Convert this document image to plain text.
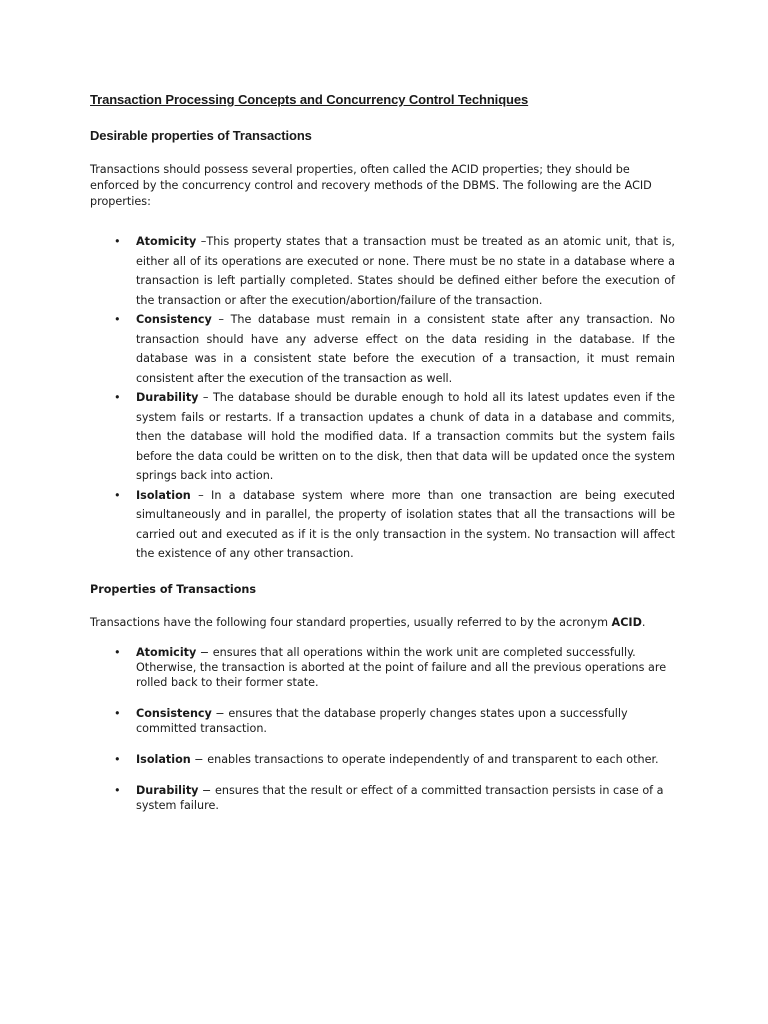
Transaction Processing Concepts and Concurrency Control Techniques
Desirable properties of Transactions

Transactions should possess several properties, often called the ACID properties; they should be enforced by the concurrency control and recovery methods of the DBMS. The following are the ACID properties:

• Atomicity –This property states that a transaction must be treated as an atomic unit, that is, either all of its operations are executed or none. There must be no state in a database where a transaction is left partially completed. States should be defined either before the execution of the transaction or after the execution/abortion/failure of the transaction.
• Consistency – The database must remain in a consistent state after any transaction. No transaction should have any adverse effect on the data residing in the database. If the database was in a consistent state before the execution of a transaction, it must remain consistent after the execution of the transaction as well.
• Durability – The database should be durable enough to hold all its latest updates even if the system fails or restarts. If a transaction updates a chunk of data in a database and commits, then the database will hold the modified data. If a transaction commits but the system fails before the data could be written on to the disk, then that data will be updated once the system springs back into action.
• Isolation – In a database system where more than one transaction are being executed simultaneously and in parallel, the property of isolation states that all the transactions will be carried out and executed as if it is the only transaction in the system. No transaction will affect the existence of any other transaction.
Properties of Transactions

Transactions have the following four standard properties, usually referred to by the acronym ACID.

• Atomicity − ensures that all operations within the work unit are completed successfully. Otherwise, the transaction is aborted at the point of failure and all the previous operations are rolled back to their former state.
• Consistency − ensures that the database properly changes states upon a successfully committed transaction.
• Isolation − enables transactions to operate independently of and transparent to each other.
• Durability − ensures that the result or effect of a committed transaction persists in case of a system failure.
